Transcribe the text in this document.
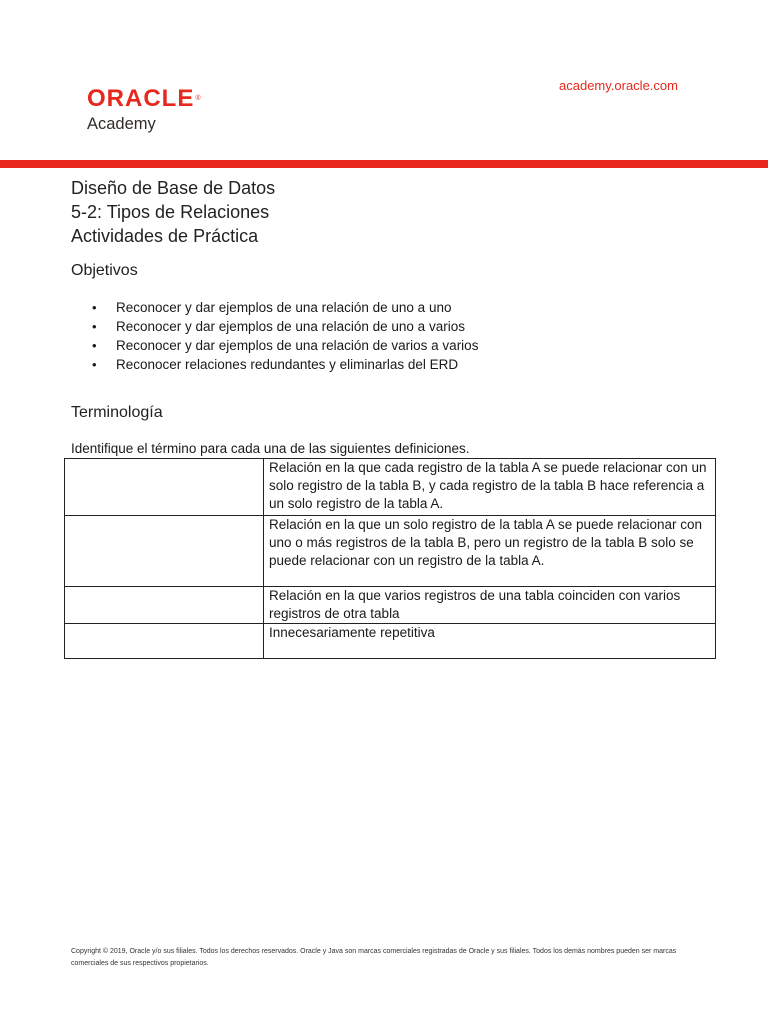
ORACLE®
Academy
academy.oracle.com
Diseño de Base de Datos
5-2: Tipos de Relaciones
Actividades de Práctica
Objetivos
• Reconocer y dar ejemplos de una relación de uno a uno
• Reconocer y dar ejemplos de una relación de uno a varios
• Reconocer y dar ejemplos de una relación de varios a varios
• Reconocer relaciones redundantes y eliminarlas del ERD
Terminología
Identifique el término para cada una de las siguientes definiciones.
	Relación en la que cada registro de la tabla A se puede relacionar con un solo registro de la tabla B, y cada registro de la tabla B hace referencia a un solo registro de la tabla A.
	Relación en la que un solo registro de la tabla A se puede relacionar con uno o más registros de la tabla B, pero un registro de la tabla B solo se puede relacionar con un registro de la tabla A.
	Relación en la que varios registros de una tabla coinciden con varios registros de otra tabla
	Innecesariamente repetitiva
Copyright © 2019, Oracle y/o sus filiales. Todos los derechos reservados. Oracle y Java son marcas comerciales registradas de Oracle y sus filiales. Todos los demás nombres pueden ser marcas comerciales de sus respectivos propietarios.
